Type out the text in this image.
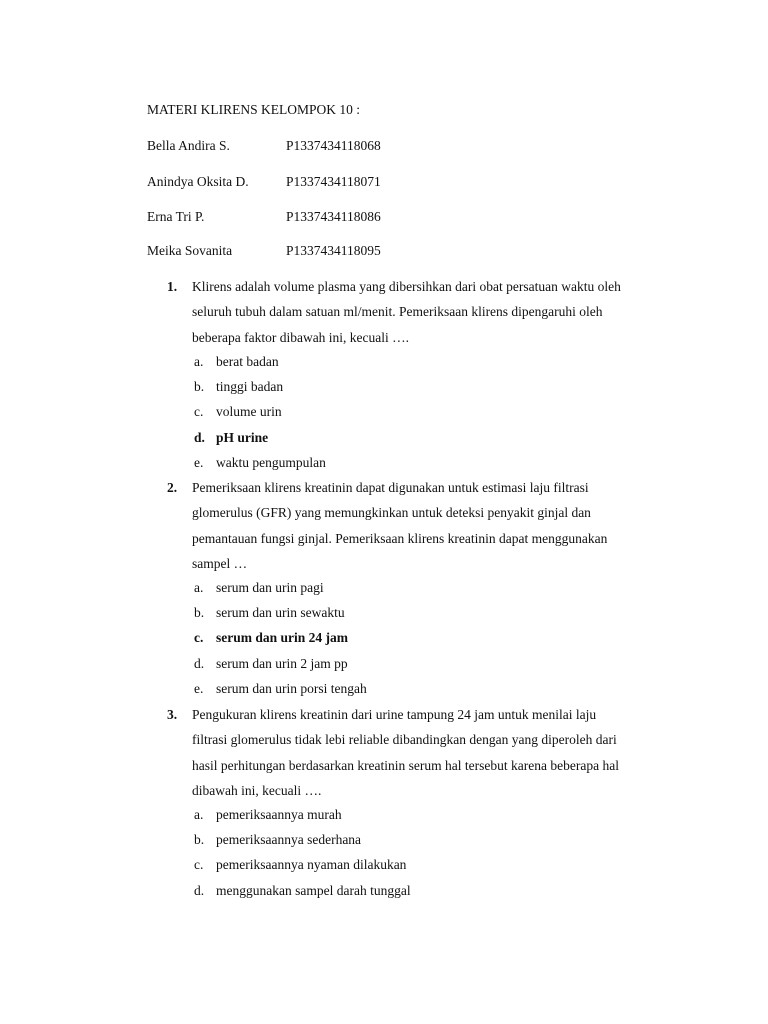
MATERI KLIRENS KELOMPOK 10 :
Bella Andira S.	P1337434118068
Anindya Oksita D.	P1337434118071
Erna Tri P.	P1337434118086
Meika Sovanita	P1337434118095
1. Klirens adalah volume plasma yang dibersihkan dari obat persatuan waktu oleh seluruh tubuh dalam satuan ml/menit. Pemeriksaan klirens dipengaruhi oleh beberapa faktor dibawah ini, kecuali ….
a. berat badan
b. tinggi badan
c. volume urin
d. pH urine
e. waktu pengumpulan
2. Pemeriksaan klirens kreatinin dapat digunakan untuk estimasi laju filtrasi glomerulus (GFR) yang memungkinkan untuk deteksi penyakit ginjal dan pemantauan fungsi ginjal. Pemeriksaan klirens kreatinin dapat menggunakan sampel …
a. serum dan urin pagi
b. serum dan urin sewaktu
c. serum dan urin 24 jam
d. serum dan urin 2 jam pp
e. serum dan urin porsi tengah
3. Pengukuran klirens kreatinin dari urine tampung 24 jam untuk menilai laju filtrasi glomerulus tidak lebi reliable dibandingkan dengan yang diperoleh dari hasil perhitungan berdasarkan kreatinin serum hal tersebut karena beberapa hal dibawah ini, kecuali ….
a. pemeriksaannya murah
b. pemeriksaannya sederhana
c. pemeriksaannya nyaman dilakukan
d. menggunakan sampel darah tunggal
